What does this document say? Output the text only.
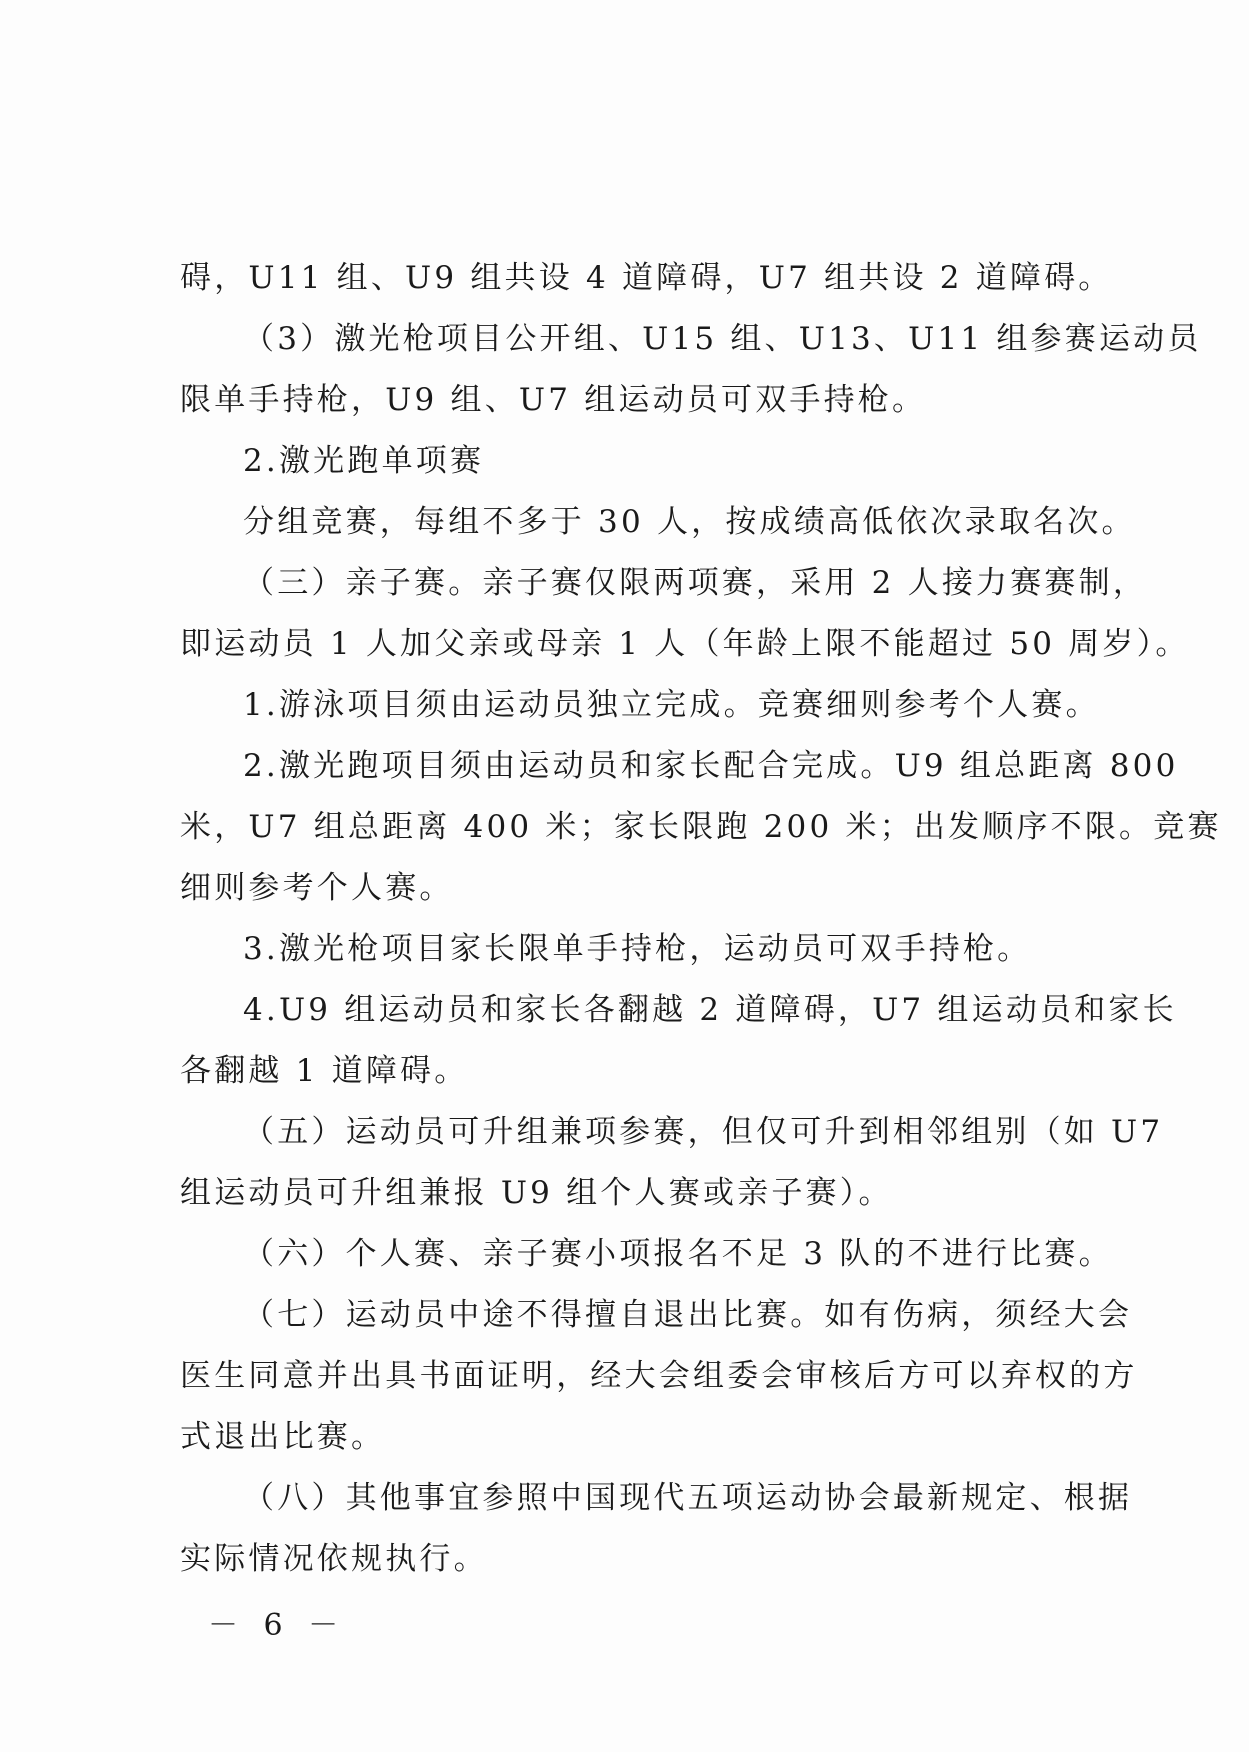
碍，U11 组、U9 组共设 4 道障碍，U7 组共设 2 道障碍。
（3）激光枪项目公开组、U15 组、U13、U11 组参赛运动员
限单手持枪，U9 组、U7 组运动员可双手持枪。
2.激光跑单项赛
分组竞赛，每组不多于 30 人，按成绩高低依次录取名次。
（三）亲子赛。亲子赛仅限两项赛，采用 2 人接力赛赛制，
即运动员 1 人加父亲或母亲 1 人（年龄上限不能超过 50 周岁）。
1.游泳项目须由运动员独立完成。竞赛细则参考个人赛。
2.激光跑项目须由运动员和家长配合完成。U9 组总距离 800
米，U7 组总距离 400 米；家长限跑 200 米；出发顺序不限。竞赛
细则参考个人赛。
3.激光枪项目家长限单手持枪，运动员可双手持枪。
4.U9 组运动员和家长各翻越 2 道障碍，U7 组运动员和家长
各翻越 1 道障碍。
（五）运动员可升组兼项参赛，但仅可升到相邻组别（如 U7
组运动员可升组兼报 U9 组个人赛或亲子赛）。
（六）个人赛、亲子赛小项报名不足 3 队的不进行比赛。
（七）运动员中途不得擅自退出比赛。如有伤病，须经大会
医生同意并出具书面证明，经大会组委会审核后方可以弃权的方
式退出比赛。
（八）其他事宜参照中国现代五项运动协会最新规定、根据
实际情况依规执行。
－ 6 －
